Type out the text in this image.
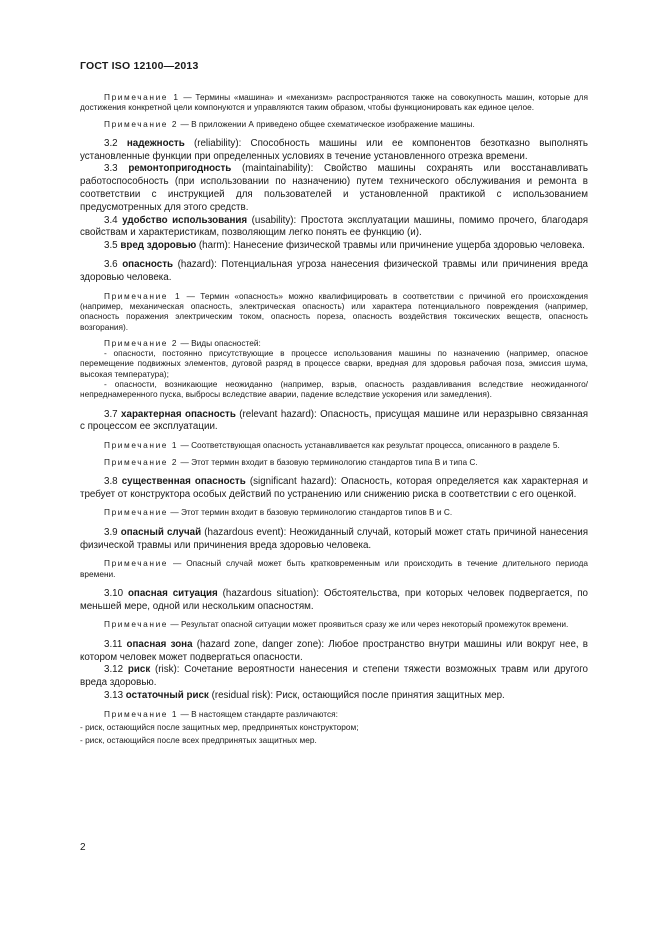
ГОСТ ISO 12100—2013

Примечание 1 — Термины «машина» и «механизм» распространяются также на совокупность машин, которые для достижения конкретной цели компонуются и управляются таким образом, чтобы функционировать как единое целое.

Примечание 2 — В приложении А приведено общее схематическое изображение машины.

3.2 надежность (reliability): Способность машины или ее компонентов безотказно выполнять установленные функции при определенных условиях в течение установленного отрезка времени.

3.3 ремонтопригодность (maintainability): Свойство машины сохранять или восстанавливать работоспособность (при использовании по назначению) путем технического обслуживания и ремонта в соответствии с инструкцией для пользователей и установленной практикой с использованием предусмотренных для этого средств.

3.4 удобство использования (usability): Простота эксплуатации машины, помимо прочего, благодаря свойствам и характеристикам, позволяющим легко понять ее функцию (и).

3.5 вред здоровью (harm): Нанесение физической травмы или причинение ущерба здоровью человека.

3.6 опасность (hazard): Потенциальная угроза нанесения физической травмы или причинения вреда здоровью человека.

Примечание 1 — Термин «опасность» можно квалифицировать в соответствии с причиной его происхождения (например, механическая опасность, электрическая опасность) или характера потенциального повреждения (например, опасность поражения электрическим током, опасность пореза, опасность воздействия токсических веществ, опасность возгорания).

Примечание 2 — Виды опасностей:

- опасности, постоянно присутствующие в процессе использования машины по назначению (например, опасное перемещение подвижных элементов, дуговой разряд в процессе сварки, вредная для здоровья рабочая поза, эмиссия шума, высокая температура);

- опасности, возникающие неожиданно (например, взрыв, опасность раздавливания вследствие неожиданного/непреднамеренного пуска, выбросы вследствие аварии, падение вследствие ускорения или замедления).

3.7 характерная опасность (relevant hazard): Опасность, присущая машине или неразрывно связанная с процессом ее эксплуатации.

Примечание 1 — Соответствующая опасность устанавливается как результат процесса, описанного в разделе 5.

Примечание 2 — Этот термин входит в базовую терминологию стандартов типа В и типа С.

3.8 существенная опасность (significant hazard): Опасность, которая определяется как характерная и требует от конструктора особых действий по устранению или снижению риска в соответствии с его оценкой.

Примечание — Этот термин входит в базовую терминологию стандартов типов В и С.

3.9 опасный случай (hazardous event): Неожиданный случай, который может стать причиной нанесения физической травмы или причинения вреда здоровью человека.

Примечание — Опасный случай может быть кратковременным или происходить в течение длительного периода времени.

3.10 опасная ситуация (hazardous situation): Обстоятельства, при которых человек подвергается, по меньшей мере, одной или нескольким опасностям.

Примечание — Результат опасной ситуации может проявиться сразу же или через некоторый промежуток времени.

3.11 опасная зона (hazard zone, danger zone): Любое пространство внутри машины или вокруг нее, в котором человек может подвергаться опасности.

3.12 риск (risk): Сочетание вероятности нанесения и степени тяжести возможных травм или другого вреда здоровью.

3.13 остаточный риск (residual risk): Риск, остающийся после принятия защитных мер.

Примечание 1 — В настоящем стандарте различаются:

- риск, остающийся после защитных мер, предпринятых конструктором;

- риск, остающийся после всех предпринятых защитных мер.

2
